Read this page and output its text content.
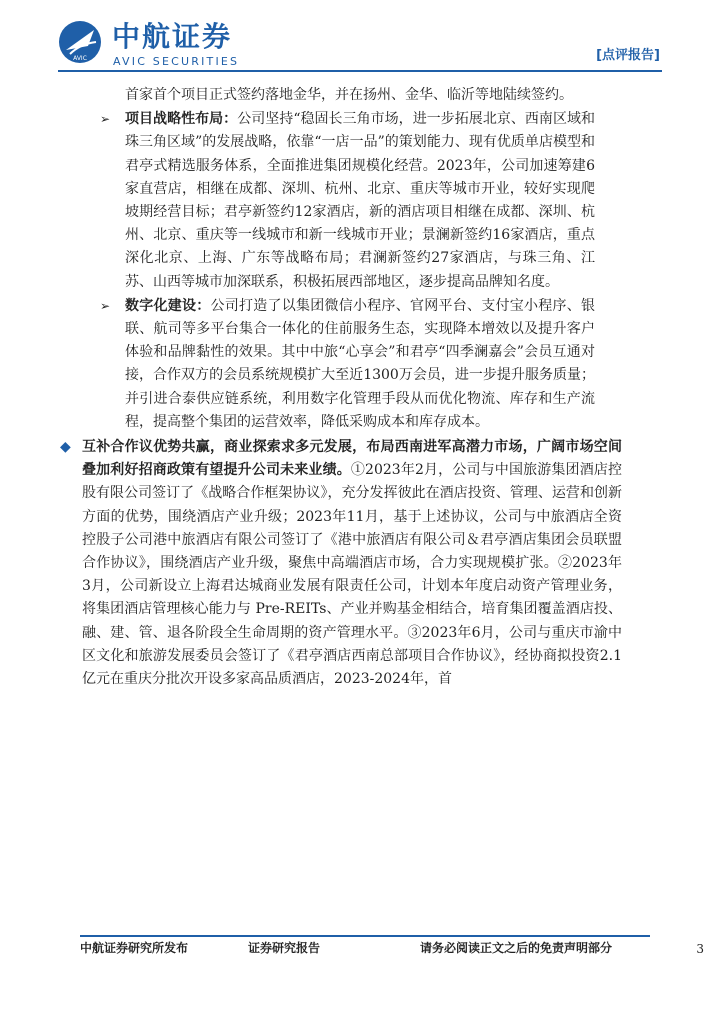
AVIC
中航证券
AVIC SECURITIES	[点评报告]

首家首个项目正式签约落地金华，并在扬州、金华、临沂等地陆续签约。

➢ 项目战略性布局：公司坚持“稳固长三角市场，进一步拓展北京、西南区域和珠三角区域”的发展战略，依靠“一店一品”的策划能力、现有优质单店模型和君亭式精选服务体系，全面推进集团规模化经营。2023年，公司加速筹建6家直营店，相继在成都、深圳、杭州、北京、重庆等城市开业，较好实现爬坡期经营目标；君亭新签约12家酒店，新的酒店项目相继在成都、深圳、杭州、北京、重庆等一线城市和新一线城市开业；景澜新签约16家酒店，重点深化北京、上海、广东等战略布局；君澜新签约27家酒店，与珠三角、江苏、山西等城市加深联系，积极拓展西部地区，逐步提高品牌知名度。

➢ 数字化建设：公司打造了以集团微信小程序、官网平台、支付宝小程序、银联、航司等多平台集合一体化的住前服务生态，实现降本增效以及提升客户体验和品牌黏性的效果。其中中旅“心享会”和君亭“四季澜嘉会”会员互通对接，合作双方的会员系统规模扩大至近1300万会员，进一步提升服务质量；并引进合泰供应链系统，利用数字化管理手段从而优化物流、库存和生产流程，提高整个集团的运营效率，降低采购成本和库存成本。

◆ 互补合作议优势共赢，商业探索求多元发展，布局西南进军高潜力市场，广阔市场空间叠加利好招商政策有望提升公司未来业绩。①2023年2月，公司与中国旅游集团酒店控股有限公司签订了《战略合作框架协议》，充分发挥彼此在酒店投资、管理、运营和创新方面的优势，围绕酒店产业升级；2023年11月，基于上述协议，公司与中旅酒店全资控股子公司港中旅酒店有限公司签订了《港中旅酒店有限公司＆君亭酒店集团会员联盟合作协议》，围绕酒店产业升级，聚焦中高端酒店市场，合力实现规模扩张。②2023年3月，公司新设立上海君达城商业发展有限责任公司，计划本年度启动资产管理业务，将集团酒店管理核心能力与 Pre-REITs、产业并购基金相结合，培育集团覆盖酒店投、融、建、管、退各阶段全生命周期的资产管理水平。③2023年6月，公司与重庆市渝中区文化和旅游发展委员会签订了《君亭酒店西南总部项目合作协议》，经协商拟投资2.1亿元在重庆分批次开设多家高品质酒店，2023-2024年，首

中航证券研究所发布	证券研究报告	请务必阅读正文之后的免责声明部分	3
